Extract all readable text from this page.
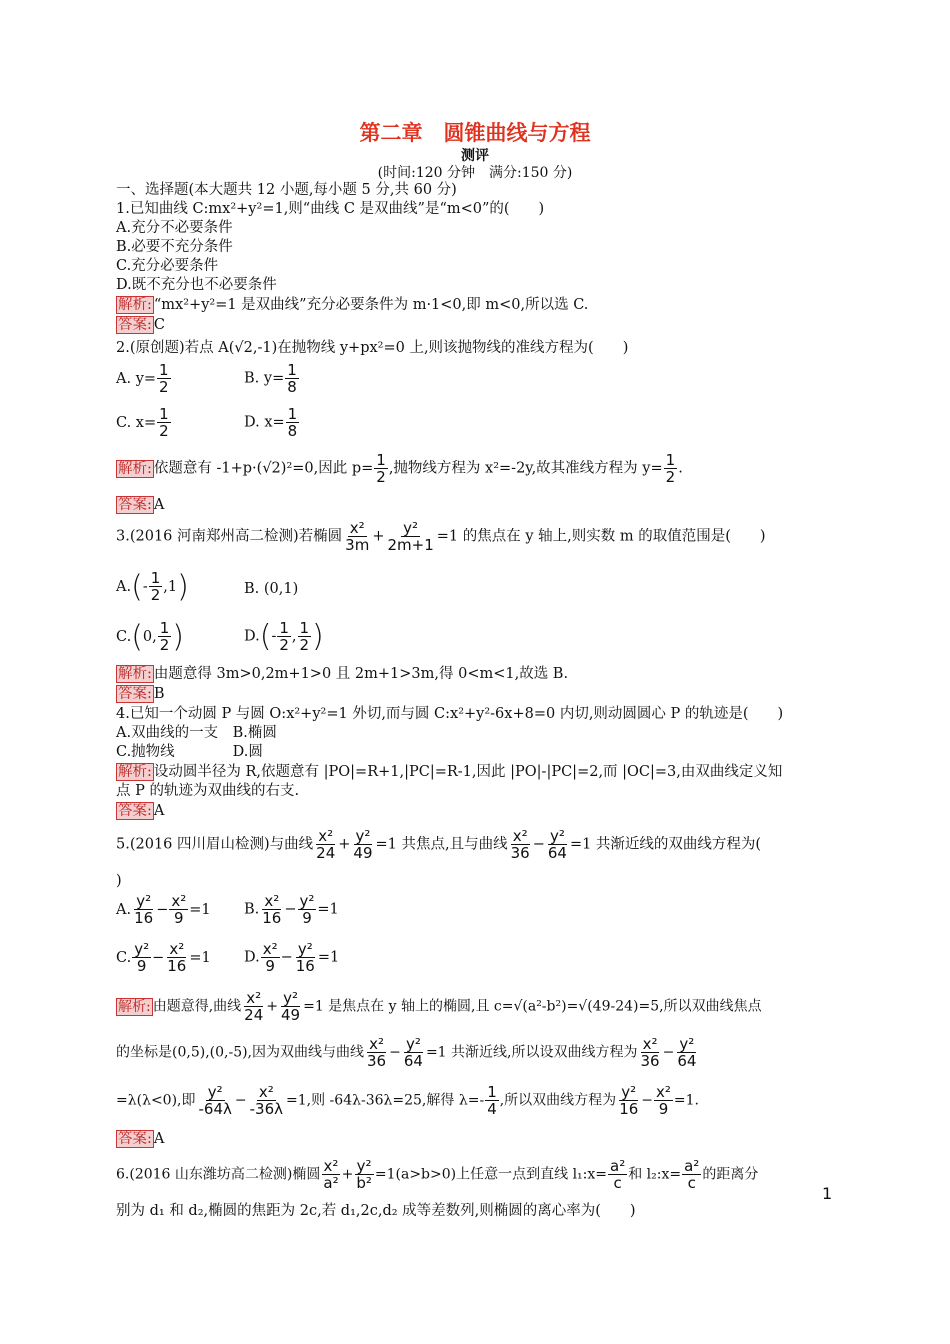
第二章　圆锥曲线与方程
测评
(时间:120 分钟　满分:150 分)
一、选择题(本大题共 12 小题,每小题 5 分,共 60 分)
1.已知曲线 C:mx²+y²=1,则“曲线 C 是双曲线”是“m<0”的(　　)
A.充分不必要条件
B.必要不充分条件
C.充分必要条件
D.既不充分也不必要条件
解析: “mx²+y²=1 是双曲线”充分必要条件为 m·1<0,即 m<0,所以选 C.
答案: C
2.(原创题)若点 A(√2,-1)在抛物线 y+px²=0 上,则该抛物线的准线方程为(　　)
A. $y= \frac{1}{2}$	B. $y= \frac{1}{8}$
C. $x= \frac{1}{2}$	D. $x= \frac{1}{8}$
解析: 依题意有 -1+p·(√2)²=0,因此 $p= \frac{1}{2}$ ,抛物线方程为 x²=-2y,故其准线方程为 $y= \frac{1}{2}$ .
答案: A
3.(2016 河南郑州高二检测)若椭圆 $\frac{\text{x²}}{3m} + \frac{\text{y²}}{2m+1} =1$ 的焦点在 y 轴上,则实数 m 的取值范围是(　　)
$A.(- \frac{1}{2} ,1)$	B. (0,1)
C.(0, $\frac{1}{2}$ )	$D.(- \frac{1}{2}$ , $\frac{1}{2}$ )
解析: 由题意得 3m>0,2m+1>0 且 2m+1>3m,得 0<m<1,故选 B.
答案: B
4.已知一个动圆 P 与圆 O:x²+y²=1 外切,而与圆 C:x²+y²-6x+8=0 内切,则动圆圆心 P 的轨迹是(　　)
A.双曲线的一支　B.椭圆
C.抛物线　　　　D.圆
解析: 设动圆半径为 R,依题意有 |PO|=R+1,|PC|=R-1,因此 |PO|-|PC|=2,而 |OC|=3,由双曲线定义知
点 P 的轨迹为双曲线的右支.
答案: A
5.(2016 四川眉山检测)与曲线 $\frac{\text{x²}}{24} + \frac{\text{y²}}{49} =1$ 共焦点,且与曲线 $\frac{\text{x²}}{36} - \frac{\text{y²}}{64} =1$ 共渐近线的双曲线方程为(
)
A. $\frac{\text{y²}}{16} - \frac{\text{x²}}{9} =1$ B. $\frac{\text{x²}}{16} - \frac{\text{y²}}{9} =1$
C. $\frac{\text{y²}}{9} - \frac{\text{x²}}{16} =1$ D. $\frac{\text{x²}}{9} - \frac{\text{y²}}{16} =1$
解析: 由题意得,曲线 $\frac{\text{x²}}{24} + \frac{\text{y²}}{49} =1$ 是焦点在 y 轴上的椭圆,且 c=√(a²-b²)=√(49-24)=5,所以双曲线焦点
的坐标是(0,5),(0,-5),因为双曲线与曲线 $\frac{\text{x²}}{36} - \frac{\text{y²}}{64} =1$ 共渐近线,所以设双曲线方程为 $\frac{\text{x²}}{36} - \frac{\text{y²}}{64}$
=λ(λ<0),即 $\frac{\text{y²}}{-64\lambda} - \frac{\text{x²}}{-36\lambda} =1$,则 -64λ-36λ=25,解得 $\lambda=- \frac{1}{4}$ ,所以双曲线方程为 $\frac{\text{y²}}{16} - \frac{\text{x²}}{9} =1$.
答案: A
6.(2016 山东潍坊高二检测)椭圆 $\frac{\text{x²}}{\text{a²}} + \frac{\text{y²}}{\text{b²}} =1(a>b>0)$上任意一点到直线 l₁:x= $\frac{\text{a²}}{c}$ 和 l₂:x= $\frac{\text{a²}}{c}$ 的距离分
别为 d₁ 和 d₂,椭圆的焦距为 2c,若 d₁,2c,d₂ 成等差数列,则椭圆的离心率为(　　)
1
